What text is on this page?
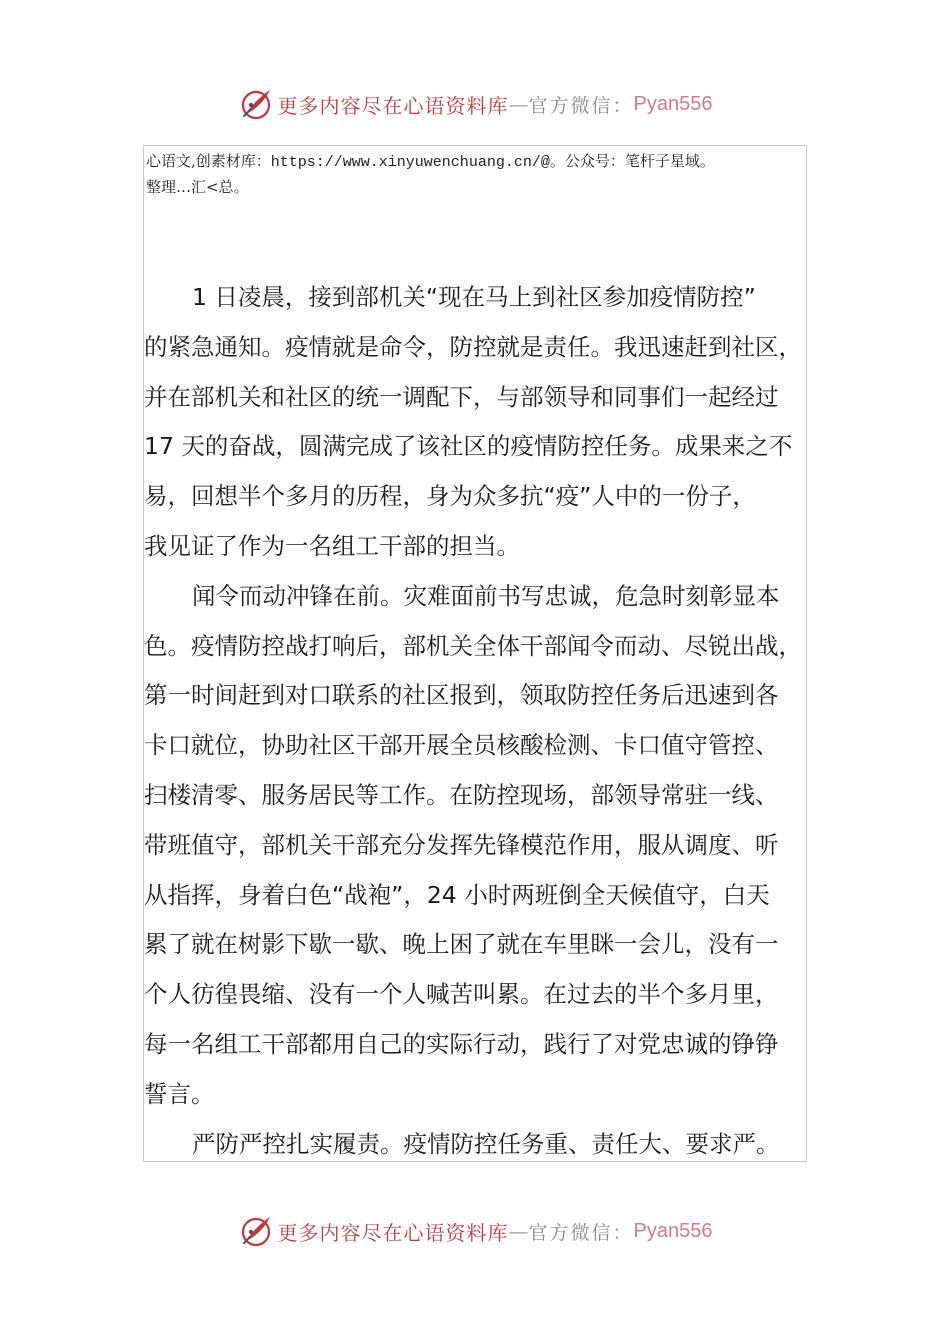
更多内容尽在心语资料库 — 官方微信： Pyan556
心语文,创素材库：https://www.xinyuwenchuang.cn/@。公众号：笔杆子星域。
整理…汇<总。
1 日凌晨，接到部机关“现在马上到社区参加疫情防控”
的紧急通知。疫情就是命令，防控就是责任。我迅速赶到社区，
并在部机关和社区的统一调配下，与部领导和同事们一起经过
17 天的奋战，圆满完成了该社区的疫情防控任务。成果来之不
易，回想半个多月的历程，身为众多抗“疫”人中的一份子，
我见证了作为一名组工干部的担当。
闻令而动冲锋在前。灾难面前书写忠诚，危急时刻彰显本
色。疫情防控战打响后，部机关全体干部闻令而动、尽锐出战，
第一时间赶到对口联系的社区报到，领取防控任务后迅速到各
卡口就位，协助社区干部开展全员核酸检测、卡口值守管控、
扫楼清零、服务居民等工作。在防控现场，部领导常驻一线、
带班值守，部机关干部充分发挥先锋模范作用，服从调度、听
从指挥，身着白色“战袍”，24 小时两班倒全天候值守，白天
累了就在树影下歇一歇、晚上困了就在车里眯一会儿，没有一
个人彷徨畏缩、没有一个人喊苦叫累。在过去的半个多月里，
每一名组工干部都用自己的实际行动，践行了对党忠诚的铮铮
誓言。
严防严控扎实履责。疫情防控任务重、责任大、要求严。
更多内容尽在心语资料库 — 官方微信： Pyan556
